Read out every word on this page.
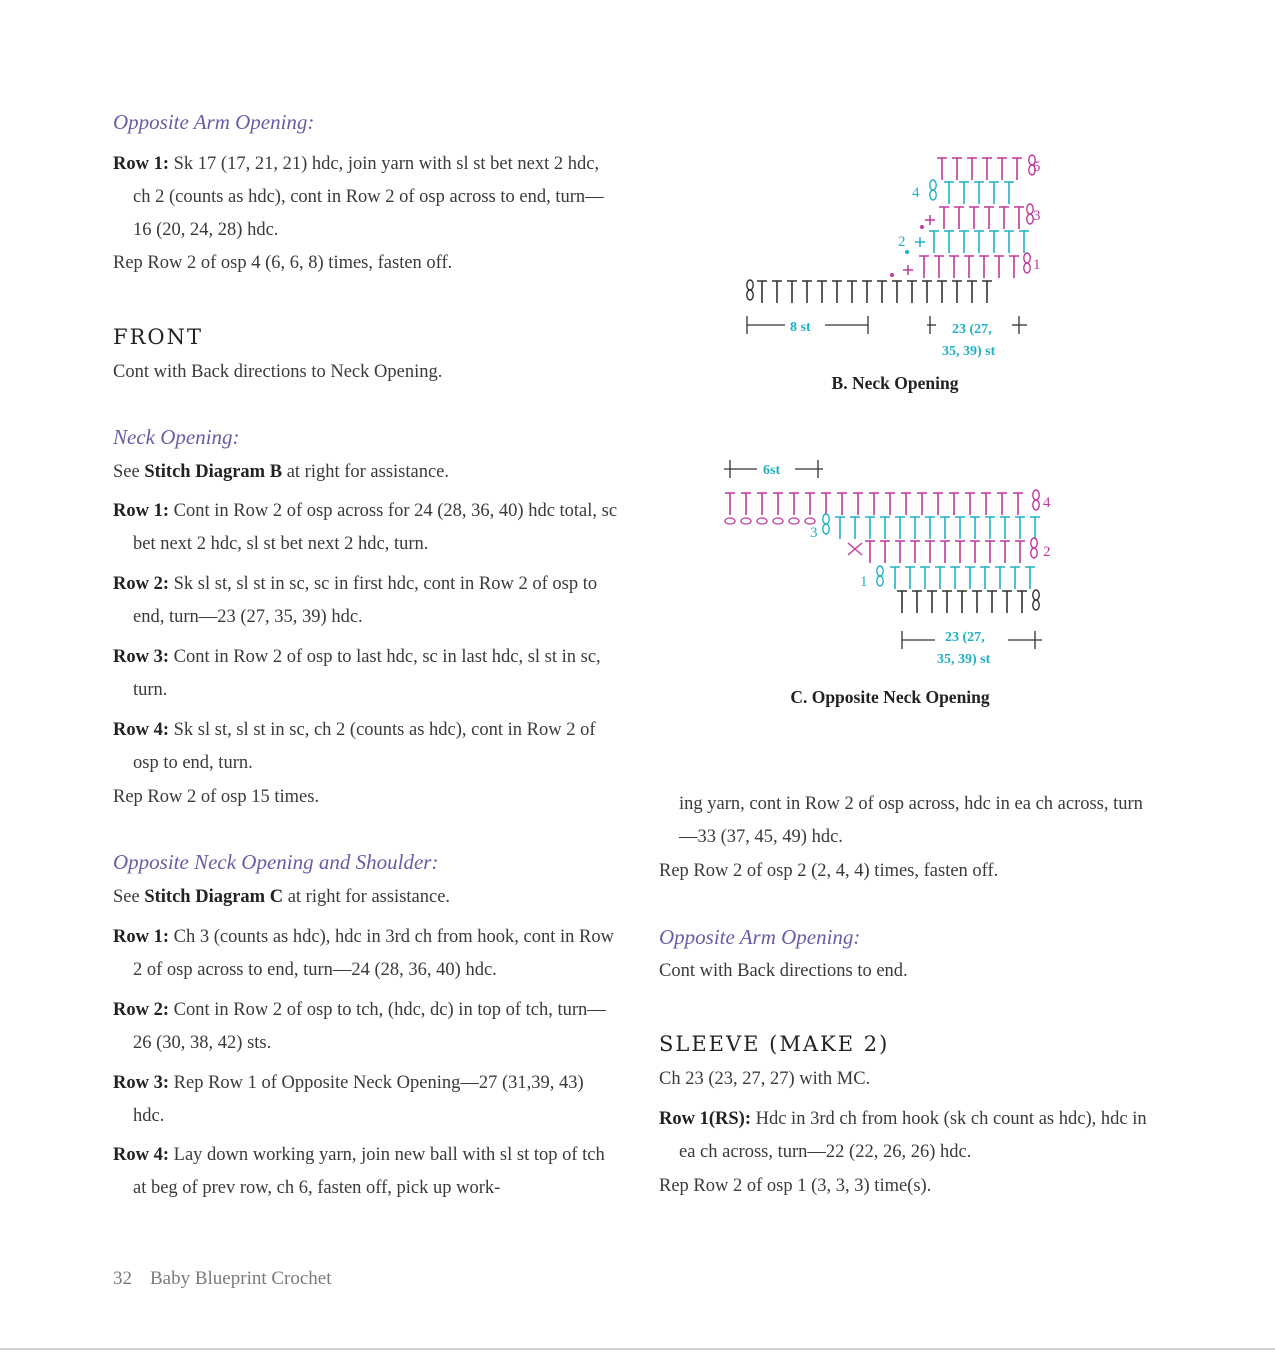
Opposite Arm Opening:
Row 1: Sk 17 (17, 21, 21) hdc, join yarn with sl st bet next 2 hdc, ch 2 (counts as hdc), cont in Row 2 of osp across to end, turn—16 (20, 24, 28) hdc.
Rep Row 2 of osp 4 (6, 6, 8) times, fasten off.
FRONT
Cont with Back directions to Neck Opening.
Neck Opening:
See Stitch Diagram B at right for assistance.
Row 1: Cont in Row 2 of osp across for 24 (28, 36, 40) hdc total, sc bet next 2 hdc, sl st bet next 2 hdc, turn.
Row 2: Sk sl st, sl st in sc, sc in first hdc, cont in Row 2 of osp to end, turn—23 (27, 35, 39) hdc.
Row 3: Cont in Row 2 of osp to last hdc, sc in last hdc, sl st in sc, turn.
Row 4: Sk sl st, sl st in sc, ch 2 (counts as hdc), cont in Row 2 of osp to end, turn.
Rep Row 2 of osp 15 times.
Opposite Neck Opening and Shoulder:
See Stitch Diagram C at right for assistance.
Row 1: Ch 3 (counts as hdc), hdc in 3rd ch from hook, cont in Row 2 of osp across to end, turn—24 (28, 36, 40) hdc.
Row 2: Cont in Row 2 of osp to tch, (hdc, dc) in top of tch, turn—26 (30, 38, 42) sts.
Row 3: Rep Row 1 of Opposite Neck Opening—27 (31,39, 43) hdc.
Row 4: Lay down working yarn, join new ball with sl st top of tch at beg of prev row, ch 6, fasten off, pick up work-
5
4
3
2
1
8 st	23 (27,
35, 39) st
B. Neck Opening
6st
4
3
2
1
23 (27,
35, 39) st
C. Opposite Neck Opening
ing yarn, cont in Row 2 of osp across, hdc in ea ch across, turn—33 (37, 45, 49) hdc.
Rep Row 2 of osp 2 (2, 4, 4) times, fasten off.
Opposite Arm Opening:
Cont with Back directions to end.
SLEEVE (MAKE 2)
Ch 23 (23, 27, 27) with MC.
Row 1(RS): Hdc in 3rd ch from hook (sk ch count as hdc), hdc in ea ch across, turn—22 (22, 26, 26) hdc.
Rep Row 2 of osp 1 (3, 3, 3) time(s).
32 Baby Blueprint Crochet
